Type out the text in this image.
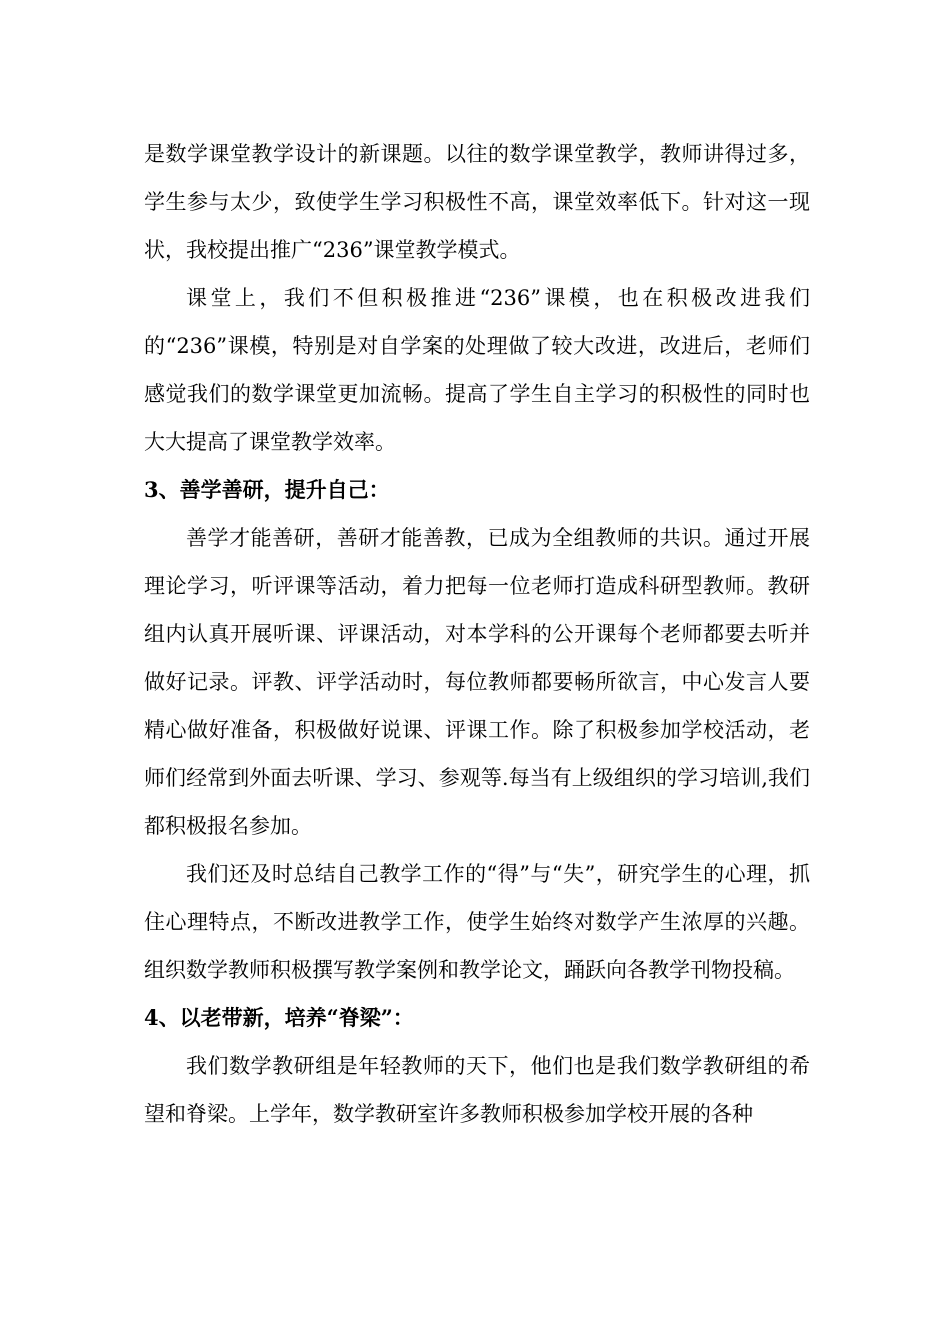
是数学课堂教学设计的新课题。以往的数学课堂教学，教师讲得过多，学生参与太少，致使学生学习积极性不高，课堂效率低下。针对这一现状，我校提出推广“236”课堂教学模式。

课堂上，我们不但积极推进“236”课模，也在积极改进我们的“236”课模，特别是对自学案的处理做了较大改进，改进后，老师们感觉我们的数学课堂更加流畅。提高了学生自主学习的积极性的同时也大大提高了课堂教学效率。

3、善学善研，提升自己：

善学才能善研，善研才能善教，已成为全组教师的共识。通过开展理论学习，听评课等活动，着力把每一位老师打造成科研型教师。教研组内认真开展听课、评课活动，对本学科的公开课每个老师都要去听并做好记录。评教、评学活动时，每位教师都要畅所欲言，中心发言人要精心做好准备，积极做好说课、评课工作。除了积极参加学校活动，老师们经常到外面去听课、学习、参观等.每当有上级组织的学习培训,我们都积极报名参加。

我们还及时总结自己教学工作的“得”与“失”，研究学生的心理，抓住心理特点，不断改进教学工作，使学生始终对数学产生浓厚的兴趣。组织数学教师积极撰写教学案例和教学论文，踊跃向各教学刊物投稿。

4、以老带新，培养“脊梁”：

我们数学教研组是年轻教师的天下，他们也是我们数学教研组的希望和脊梁。上学年，数学教研室许多教师积极参加学校开展的各种
